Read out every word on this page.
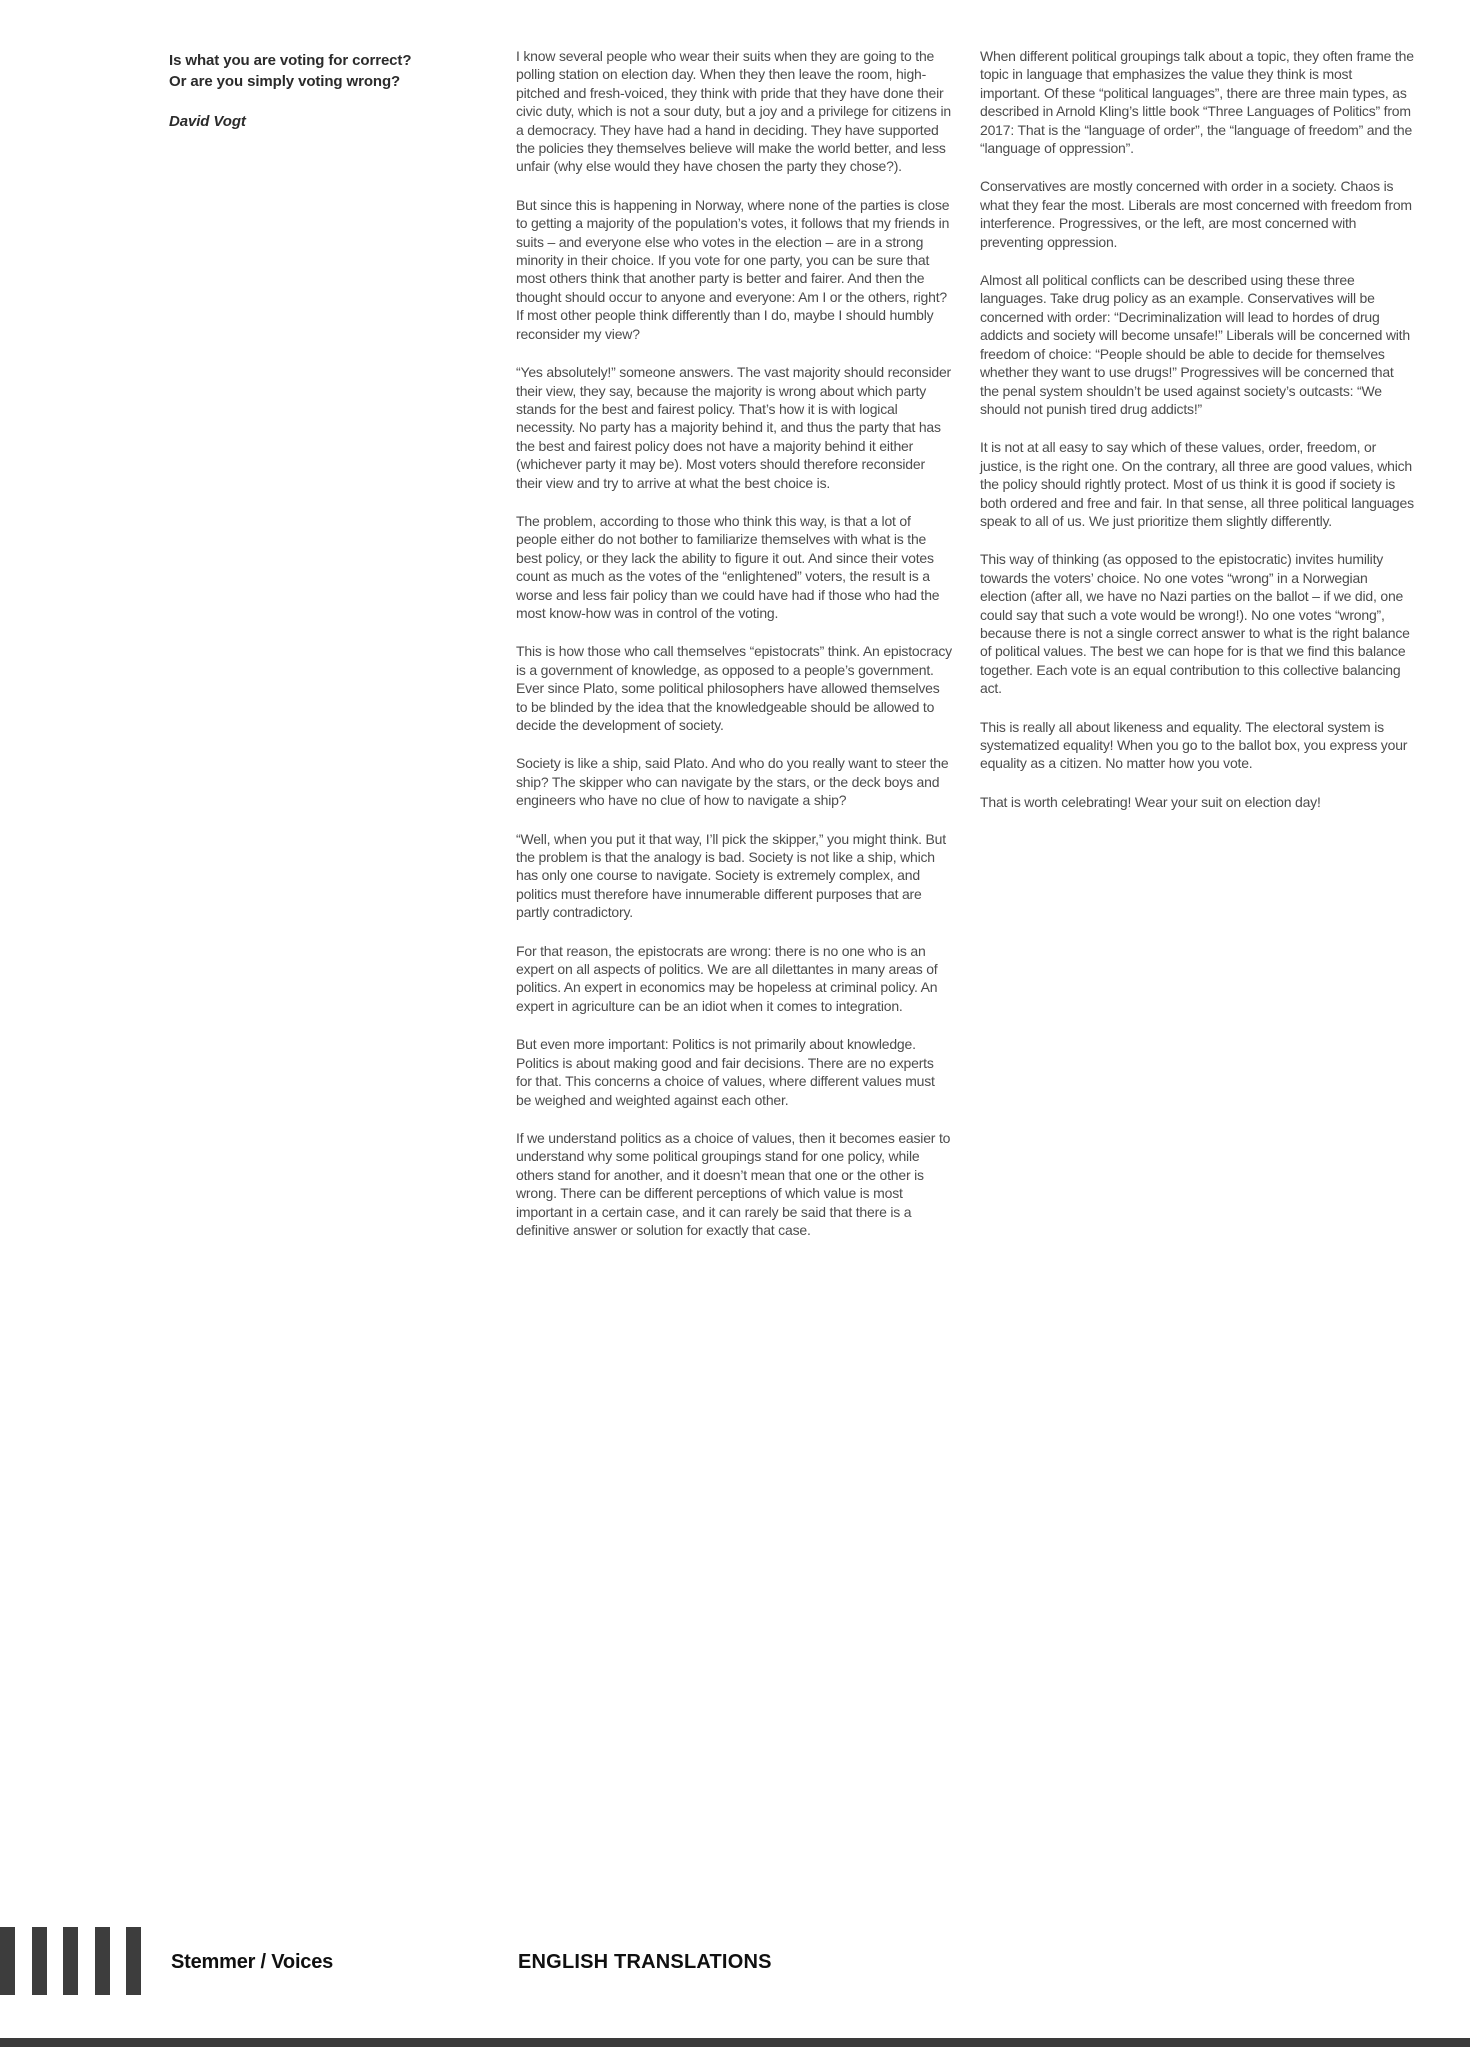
Is what you are voting for correct?
Or are you simply voting wrong?
David Vogt

I know several people who wear their suits when they are going to the polling station on election day. When they then leave the room, high-pitched and fresh-voiced, they think with pride that they have done their civic duty, which is not a sour duty, but a joy and a privilege for citizens in a democracy. They have had a hand in deciding. They have supported the policies they themselves believe will make the world better, and less unfair (why else would they have chosen the party they chose?).

But since this is happening in Norway, where none of the parties is close to getting a majority of the population’s votes, it follows that my friends in suits – and everyone else who votes in the election – are in a strong minority in their choice. If you vote for one party, you can be sure that most others think that another party is better and fairer. And then the thought should occur to anyone and everyone: Am I or the others, right? If most other people think differently than I do, maybe I should humbly reconsider my view?

“Yes absolutely!” someone answers. The vast majority should reconsider their view, they say, because the majority is wrong about which party stands for the best and fairest policy. That’s how it is with logical necessity. No party has a majority behind it, and thus the party that has the best and fairest policy does not have a majority behind it either (whichever party it may be). Most voters should therefore reconsider their view and try to arrive at what the best choice is.

The problem, according to those who think this way, is that a lot of people either do not bother to familiarize themselves with what is the best policy, or they lack the ability to figure it out. And since their votes count as much as the votes of the “enlightened” voters, the result is a worse and less fair policy than we could have had if those who had the most know-how was in control of the voting.

This is how those who call themselves “epistocrats” think. An epistocracy is a government of knowledge, as opposed to a people’s government. Ever since Plato, some political philosophers have allowed themselves to be blinded by the idea that the knowledgeable should be allowed to decide the development of society.

Society is like a ship, said Plato. And who do you really want to steer the ship? The skipper who can navigate by the stars, or the deck boys and engineers who have no clue of how to navigate a ship?

“Well, when you put it that way, I’ll pick the skipper,” you might think. But the problem is that the analogy is bad. Society is not like a ship, which has only one course to navigate. Society is extremely complex, and politics must therefore have innumerable different purposes that are partly contradictory.

For that reason, the epistocrats are wrong: there is no one who is an expert on all aspects of politics. We are all dilettantes in many areas of politics. An expert in economics may be hopeless at criminal policy. An expert in agriculture can be an idiot when it comes to integration.

But even more important: Politics is not primarily about knowledge. Politics is about making good and fair decisions. There are no experts for that. This concerns a choice of values, where different values must be weighed and weighted against each other.

If we understand politics as a choice of values, then it becomes easier to understand why some political groupings stand for one policy, while others stand for another, and it doesn’t mean that one or the other is wrong. There can be different perceptions of which value is most important in a certain case, and it can rarely be said that there is a definitive answer or solution for exactly that case.

When different political groupings talk about a topic, they often frame the topic in language that emphasizes the value they think is most important. Of these “political languages”, there are three main types, as described in Arnold Kling’s little book “Three Languages of Politics” from 2017: That is the “language of order”, the “language of freedom” and the “language of oppression”.

Conservatives are mostly concerned with order in a society. Chaos is what they fear the most. Liberals are most concerned with freedom from interference. Progressives, or the left, are most concerned with preventing oppression.

Almost all political conflicts can be described using these three languages. Take drug policy as an example. Conservatives will be concerned with order: “Decriminalization will lead to hordes of drug addicts and society will become unsafe!” Liberals will be concerned with freedom of choice: “People should be able to decide for themselves whether they want to use drugs!” Progressives will be concerned that the penal system shouldn’t be used against society’s outcasts: “We should not punish tired drug addicts!”

It is not at all easy to say which of these values, order, freedom, or justice, is the right one. On the contrary, all three are good values, which the policy should rightly protect. Most of us think it is good if society is both ordered and free and fair. In that sense, all three political languages speak to all of us. We just prioritize them slightly differently.

This way of thinking (as opposed to the epistocratic) invites humility towards the voters’ choice. No one votes “wrong” in a Norwegian election (after all, we have no Nazi parties on the ballot – if we did, one could say that such a vote would be wrong!). No one votes “wrong”, because there is not a single correct answer to what is the right balance of political values. The best we can hope for is that we find this balance together. Each vote is an equal contribution to this collective balancing act.

This is really all about likeness and equality. The electoral system is systematized equality! When you go to the ballot box, you express your equality as a citizen. No matter how you vote.

That is worth celebrating! Wear your suit on election day!

Stemmer / Voices	ENGLISH TRANSLATIONS
